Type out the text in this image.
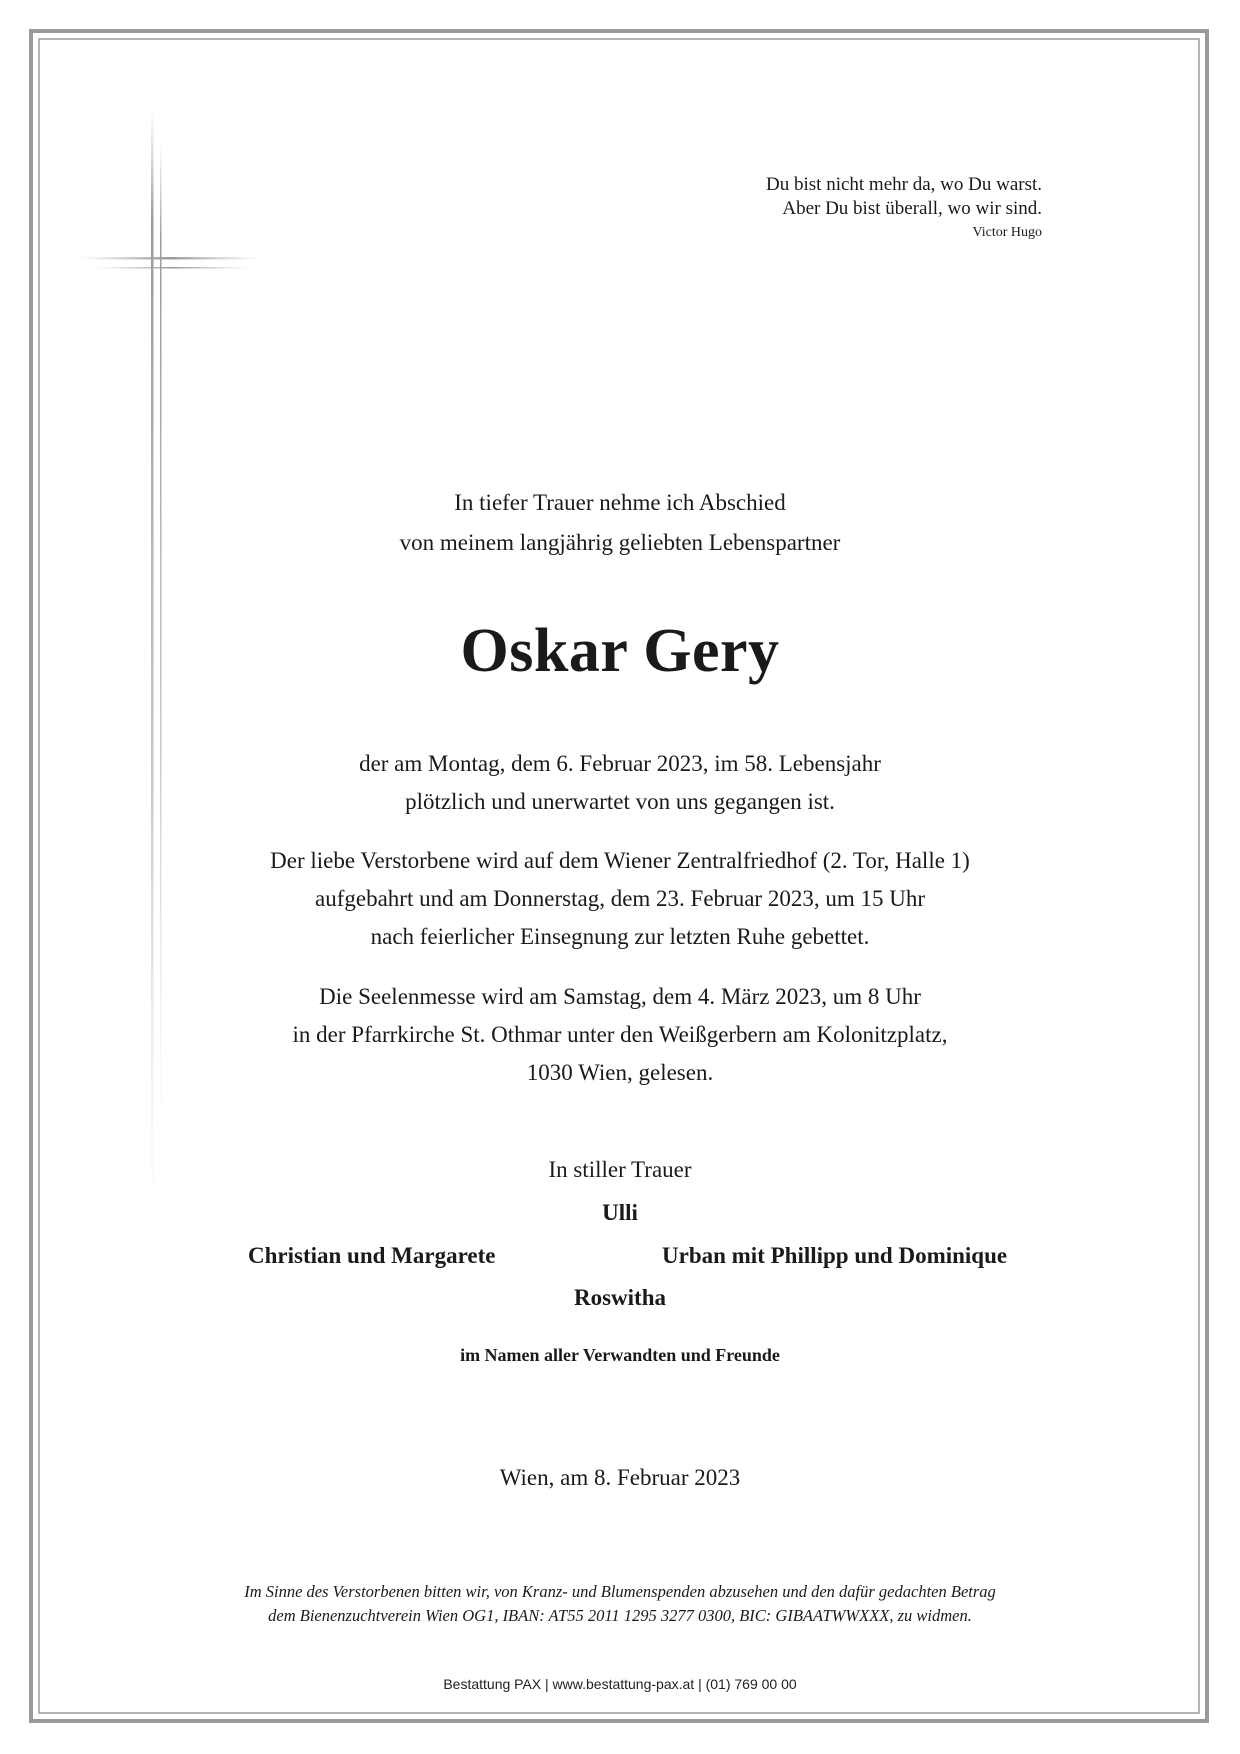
Du bist nicht mehr da, wo Du warst.
Aber Du bist überall, wo wir sind.
Victor Hugo
In tiefer Trauer nehme ich Abschied
von meinem langjährig geliebten Lebenspartner
Oskar Gery
der am Montag, dem 6. Februar 2023, im 58. Lebensjahr
plötzlich und unerwartet von uns gegangen ist.
Der liebe Verstorbene wird auf dem Wiener Zentralfriedhof (2. Tor, Halle 1)
aufgebahrt und am Donnerstag, dem 23. Februar 2023, um 15 Uhr
nach feierlicher Einsegnung zur letzten Ruhe gebettet.
Die Seelenmesse wird am Samstag, dem 4. März 2023, um 8 Uhr
in der Pfarrkirche St. Othmar unter den Weißgerbern am Kolonitzplatz,
1030 Wien, gelesen.
In stiller Trauer
Ulli
Christian und Margarete	Urban mit Phillipp und Dominique
Roswitha
im Namen aller Verwandten und Freunde
Wien, am 8. Februar 2023
Im Sinne des Verstorbenen bitten wir, von Kranz- und Blumenspenden abzusehen und den dafür gedachten Betrag
dem Bienenzuchtverein Wien OG1, IBAN: AT55 2011 1295 3277 0300, BIC: GIBAATWWXXX, zu widmen.
Bestattung PAX | www.bestattung-pax.at | (01) 769 00 00
